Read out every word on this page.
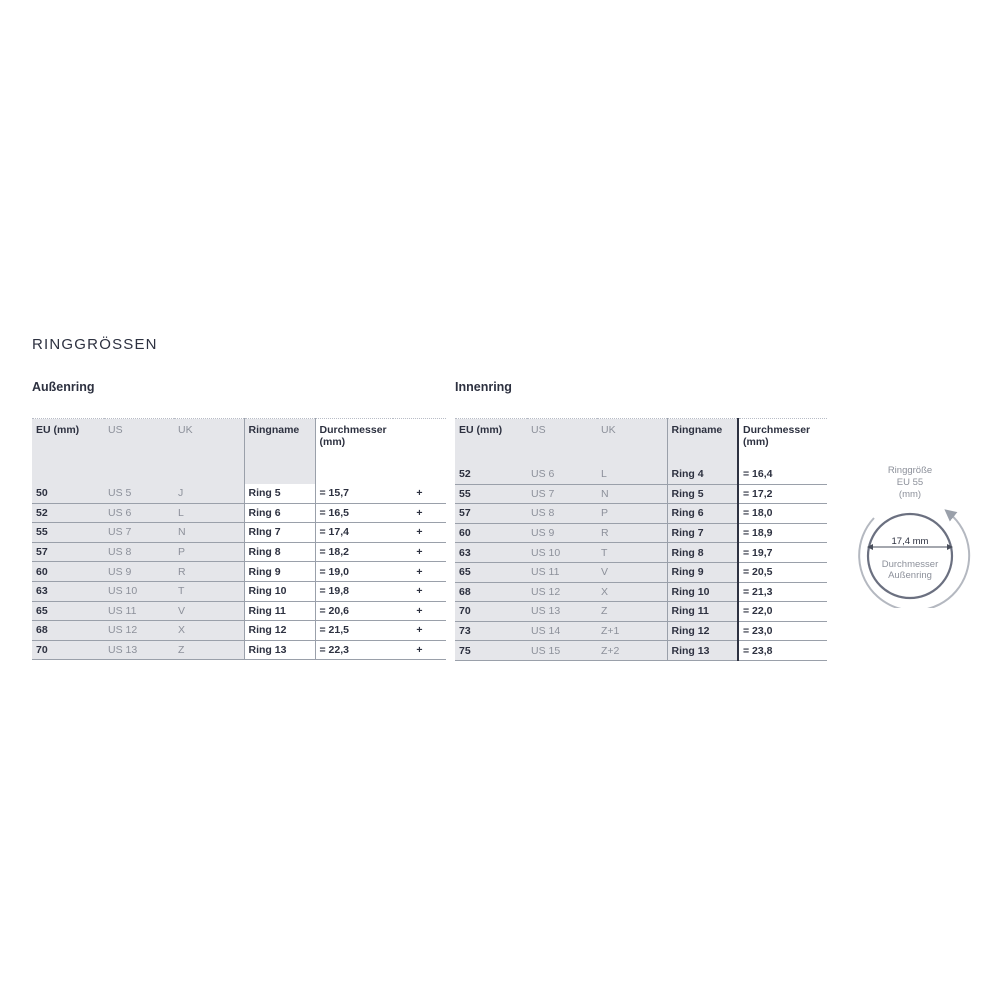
RINGGRÖSSEN
Außenring	Innenring
EU (mm)	US	UK	Ringname	Durchmesser (mm)	
50	US 5	J	Ring 5	= 15,7	+
52	US 6	L	Ring 6	= 16,5	+
55	US 7	N	RIng 7	= 17,4	+
57	US 8	P	Ring 8	= 18,2	+
60	US 9	R	Ring 9	= 19,0	+
63	US 10	T	Ring 10	= 19,8	+
65	US 11	V	Ring 11	= 20,6	+
68	US 12	X	Ring 12	= 21,5	+
70	US 13	Z	Ring 13	= 22,3	+
EU (mm)	US	UK	Ringname	Durchmesser (mm)
52	US 6	L	Ring 4	= 16,4
55	US 7	N	Ring 5	= 17,2
57	US 8	P	Ring 6	= 18,0
60	US 9	R	Ring 7	= 18,9
63	US 10	T	Ring 8	= 19,7
65	US 11	V	Ring 9	= 20,5
68	US 12	X	Ring 10	= 21,3
70	US 13	Z	Ring 11	= 22,0
73	US 14	Z+1	Ring 12	= 23,0
75	US 15	Z+2	Ring 13	= 23,8
Ringgröße
EU 55
(mm)
17,4 mm
Durchmesser
Außenring
